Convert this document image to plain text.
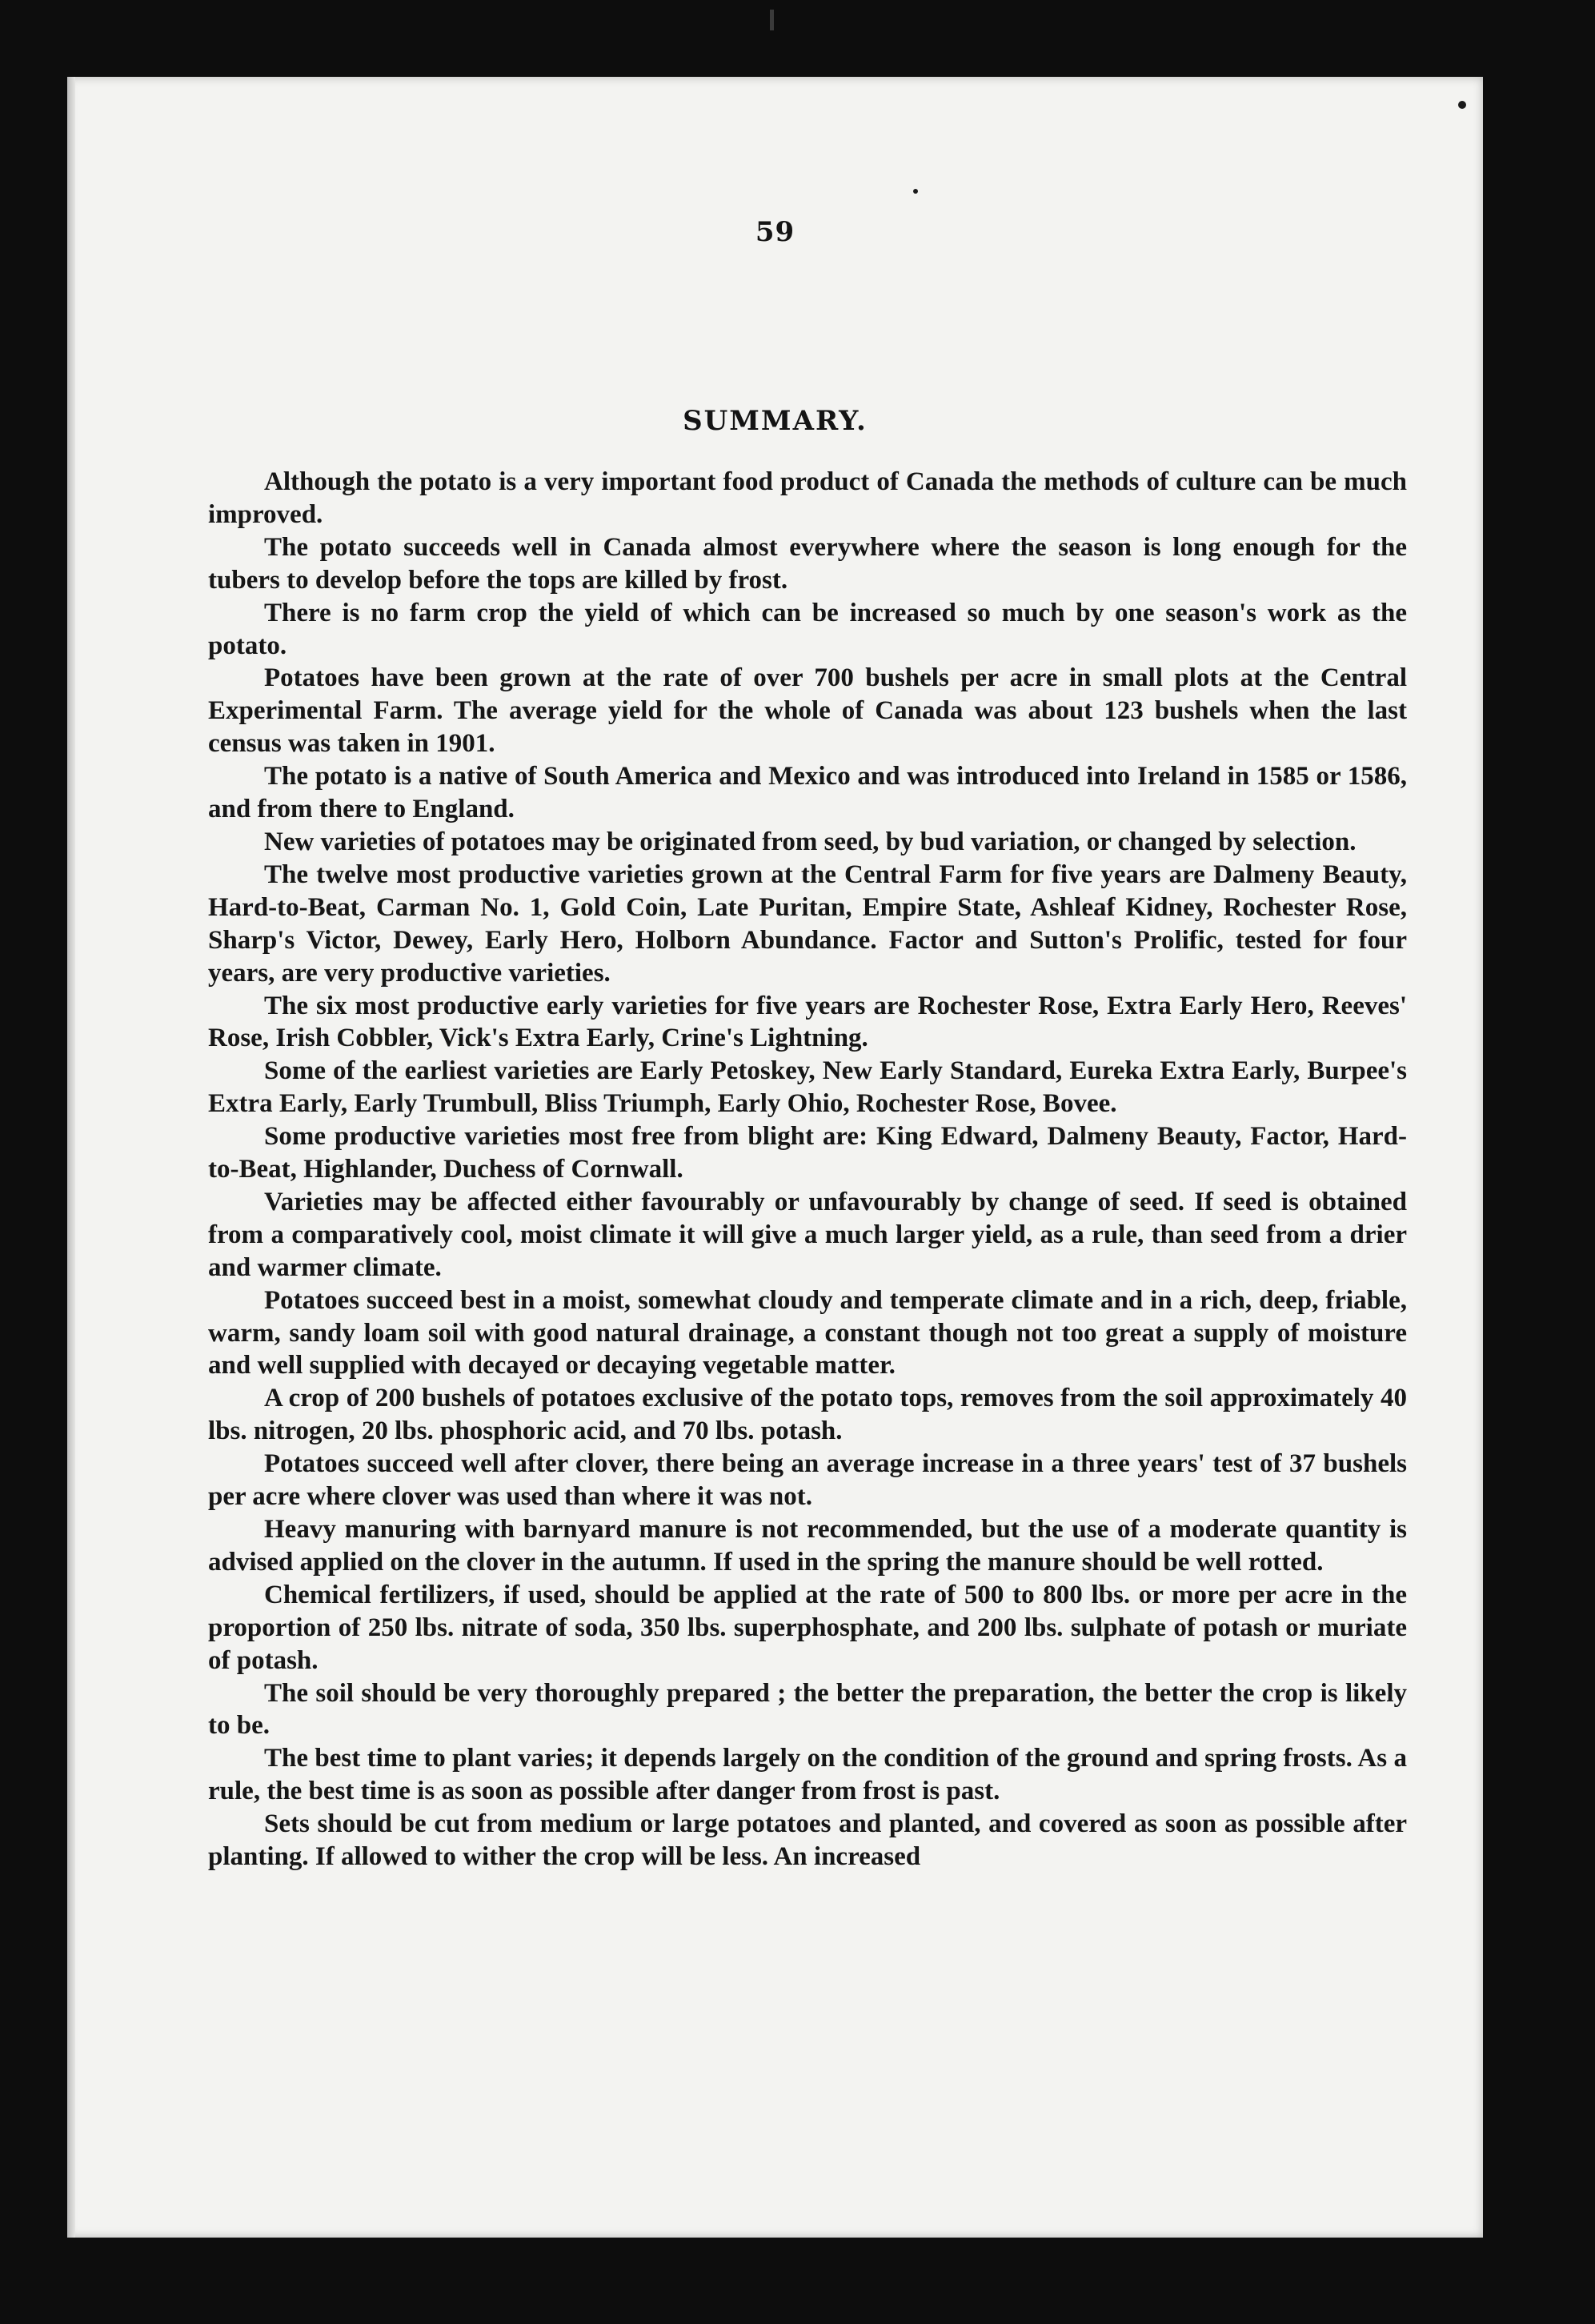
59
SUMMARY.

Although the potato is a very important food product of Canada the methods of culture can be much improved.

The potato succeeds well in Canada almost everywhere where the season is long enough for the tubers to develop before the tops are killed by frost.

There is no farm crop the yield of which can be increased so much by one season's work as the potato.

Potatoes have been grown at the rate of over 700 bushels per acre in small plots at the Central Experimental Farm. The average yield for the whole of Canada was about 123 bushels when the last census was taken in 1901.

The potato is a native of South America and Mexico and was introduced into Ireland in 1585 or 1586, and from there to England.

New varieties of potatoes may be originated from seed, by bud variation, or changed by selection.

The twelve most productive varieties grown at the Central Farm for five years are Dalmeny Beauty, Hard-to-Beat, Carman No. 1, Gold Coin, Late Puritan, Empire State, Ashleaf Kidney, Rochester Rose, Sharp's Victor, Dewey, Early Hero, Holborn Abundance. Factor and Sutton's Prolific, tested for four years, are very productive varieties.

The six most productive early varieties for five years are Rochester Rose, Extra Early Hero, Reeves' Rose, Irish Cobbler, Vick's Extra Early, Crine's Lightning.

Some of the earliest varieties are Early Petoskey, New Early Standard, Eureka Extra Early, Burpee's Extra Early, Early Trumbull, Bliss Triumph, Early Ohio, Rochester Rose, Bovee.

Some productive varieties most free from blight are: King Edward, Dalmeny Beauty, Factor, Hard-to-Beat, Highlander, Duchess of Cornwall.

Varieties may be affected either favourably or unfavourably by change of seed. If seed is obtained from a comparatively cool, moist climate it will give a much larger yield, as a rule, than seed from a drier and warmer climate.

Potatoes succeed best in a moist, somewhat cloudy and temperate climate and in a rich, deep, friable, warm, sandy loam soil with good natural drainage, a constant though not too great a supply of moisture and well supplied with decayed or decaying vegetable matter.

A crop of 200 bushels of potatoes exclusive of the potato tops, removes from the soil approximately 40 lbs. nitrogen, 20 lbs. phosphoric acid, and 70 lbs. potash.

Potatoes succeed well after clover, there being an average increase in a three years' test of 37 bushels per acre where clover was used than where it was not.

Heavy manuring with barnyard manure is not recommended, but the use of a moderate quantity is advised applied on the clover in the autumn. If used in the spring the manure should be well rotted.

Chemical fertilizers, if used, should be applied at the rate of 500 to 800 lbs. or more per acre in the proportion of 250 lbs. nitrate of soda, 350 lbs. superphosphate, and 200 lbs. sulphate of potash or muriate of potash.

The soil should be very thoroughly prepared ; the better the preparation, the better the crop is likely to be.

The best time to plant varies; it depends largely on the condition of the ground and spring frosts. As a rule, the best time is as soon as possible after danger from frost is past.

Sets should be cut from medium or large potatoes and planted, and covered as soon as possible after planting. If allowed to wither the crop will be less. An increased
